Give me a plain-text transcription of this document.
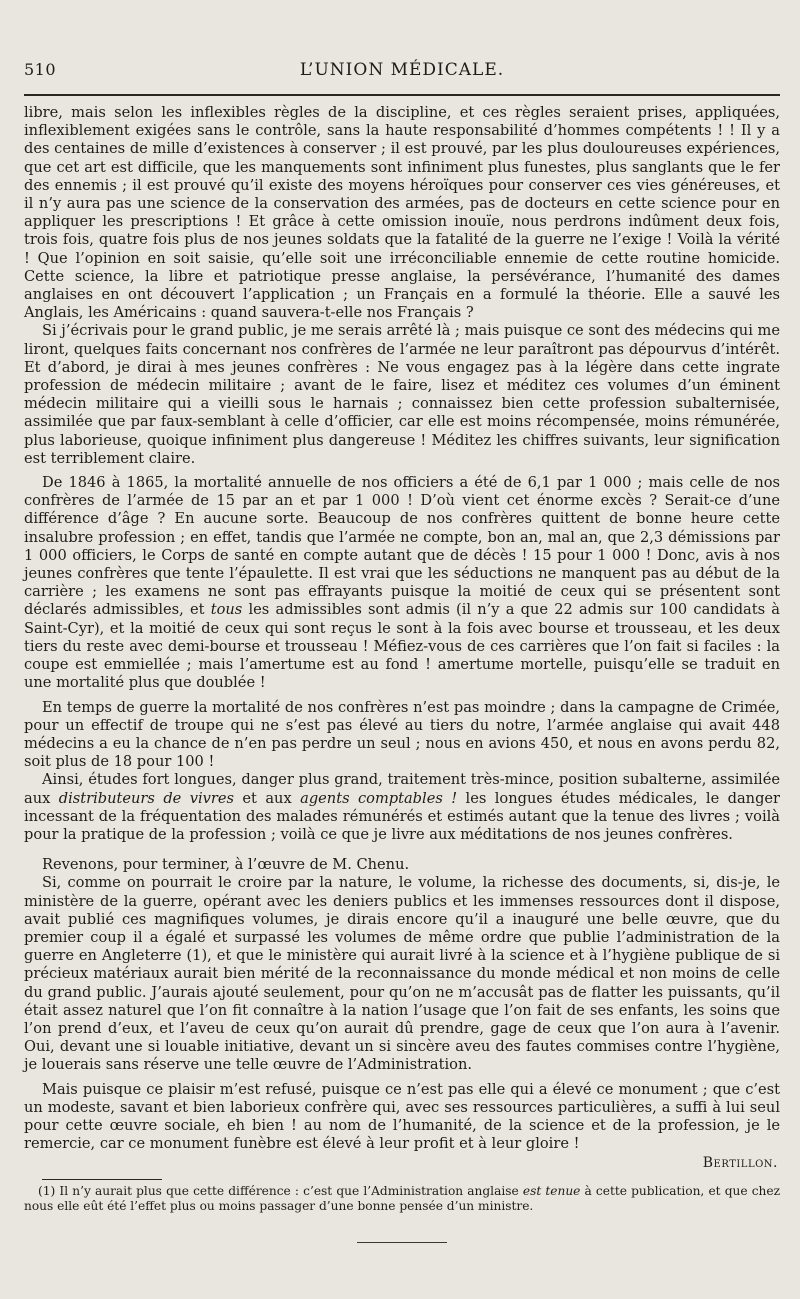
510	L’UNION MÉDICALE.

libre, mais selon les inflexibles règles de la discipline, et ces règles seraient prises, appliquées, inflexiblement exigées sans le contrôle, sans la haute responsabilité d’hommes compétents ! ! Il y a des centaines de mille d’existences à conserver ; il est prouvé, par les plus douloureuses expériences, que cet art est difficile, que les manquements sont infiniment plus funestes, plus sanglants que le fer des ennemis ; il est prouvé qu’il existe des moyens héroïques pour conserver ces vies généreuses, et il n’y aura pas une science de la conservation des armées, pas de docteurs en cette science pour en appliquer les prescriptions ! Et grâce à cette omission inouïe, nous perdrons indûment deux fois, trois fois, quatre fois plus de nos jeunes soldats que la fatalité de la guerre ne l’exige ! Voilà la vérité ! Que l’opinion en soit saisie, qu’elle soit une irréconciliable ennemie de cette routine homicide. Cette science, la libre et patriotique presse anglaise, la persévérance, l’humanité des dames anglaises en ont découvert l’application ; un Français en a formulé la théorie. Elle a sauvé les Anglais, les Américains : quand sauvera-t-elle nos Français ?

Si j’écrivais pour le grand public, je me serais arrêté là ; mais puisque ce sont des médecins qui me liront, quelques faits concernant nos confrères de l’armée ne leur paraîtront pas dépourvus d’intérêt. Et d’abord, je dirai à mes jeunes confrères : Ne vous engagez pas à la légère dans cette ingrate profession de médecin militaire ; avant de le faire, lisez et méditez ces volumes d’un éminent médecin militaire qui a vieilli sous le harnais ; connaissez bien cette profession subalternisée, assimilée que par faux-semblant à celle d’officier, car elle est moins récompensée, moins rémunérée, plus laborieuse, quoique infiniment plus dangereuse ! Méditez les chiffres suivants, leur signification est terriblement claire.

De 1846 à 1865, la mortalité annuelle de nos officiers a été de 6,1 par 1 000 ; mais celle de nos confrères de l’armée de 15 par an et par 1 000 ! D’où vient cet énorme excès ? Serait-ce d’une différence d’âge ? En aucune sorte. Beaucoup de nos confrères quittent de bonne heure cette insalubre profession ; en effet, tandis que l’armée ne compte, bon an, mal an, que 2,3 démissions par 1 000 officiers, le Corps de santé en compte autant que de décès ! 15 pour 1 000 ! Donc, avis à nos jeunes confrères que tente l’épaulette. Il est vrai que les séductions ne manquent pas au début de la carrière ; les examens ne sont pas effrayants puisque la moitié de ceux qui se présentent sont déclarés admissibles, et tous les admissibles sont admis (il n’y a que 22 admis sur 100 candidats à Saint-Cyr), et la moitié de ceux qui sont reçus le sont à la fois avec bourse et trousseau, et les deux tiers du reste avec demi-bourse et trousseau ! Méfiez-vous de ces carrières que l’on fait si faciles : la coupe est emmiellée ; mais l’amertume est au fond ! amertume mortelle, puisqu’elle se traduit en une mortalité plus que doublée !

En temps de guerre la mortalité de nos confrères n’est pas moindre ; dans la campagne de Crimée, pour un effectif de troupe qui ne s’est pas élevé au tiers du notre, l’armée anglaise qui avait 448 médecins a eu la chance de n’en pas perdre un seul ; nous en avions 450, et nous en avons perdu 82, soit plus de 18 pour 100 !

Ainsi, études fort longues, danger plus grand, traitement très-mince, position subalterne, assimilée aux distributeurs de vivres et aux agents comptables ! les longues études médicales, le danger incessant de la fréquentation des malades rémunérés et estimés autant que la tenue des livres ; voilà pour la pratique de la profession ; voilà ce que je livre aux méditations de nos jeunes confrères.

Revenons, pour terminer, à l’œuvre de M. Chenu.

Si, comme on pourrait le croire par la nature, le volume, la richesse des documents, si, dis-je, le ministère de la guerre, opérant avec les deniers publics et les immenses ressources dont il dispose, avait publié ces magnifiques volumes, je dirais encore qu’il a inauguré une belle œuvre, que du premier coup il a égalé et surpassé les volumes de même ordre que publie l’administration de la guerre en Angleterre (1), et que le ministère qui aurait livré à la science et à l’hygiène publique de si précieux matériaux aurait bien mérité de la reconnaissance du monde médical et non moins de celle du grand public. J’aurais ajouté seulement, pour qu’on ne m’accusât pas de flatter les puissants, qu’il était assez naturel que l’on fit connaître à la nation l’usage que l’on fait de ses enfants, les soins que l’on prend d’eux, et l’aveu de ceux qu’on aurait dû prendre, gage de ceux que l’on aura à l’avenir. Oui, devant une si louable initiative, devant un si sincère aveu des fautes commises contre l’hygiène, je louerais sans réserve une telle œuvre de l’Administration.

Mais puisque ce plaisir m’est refusé, puisque ce n’est pas elle qui a élevé ce monument ; que c’est un modeste, savant et bien laborieux confrère qui, avec ses ressources particulières, a suffi à lui seul pour cette œuvre sociale, eh bien ! au nom de l’humanité, de la science et de la profession, je le remercie, car ce monument funèbre est élevé à leur profit et à leur gloire !

Bertillon.

(1) Il n’y aurait plus que cette différence : c’est que l’Administration anglaise est tenue à cette publication, et que chez nous elle eût été l’effet plus ou moins passager d’une bonne pensée d’un ministre.
